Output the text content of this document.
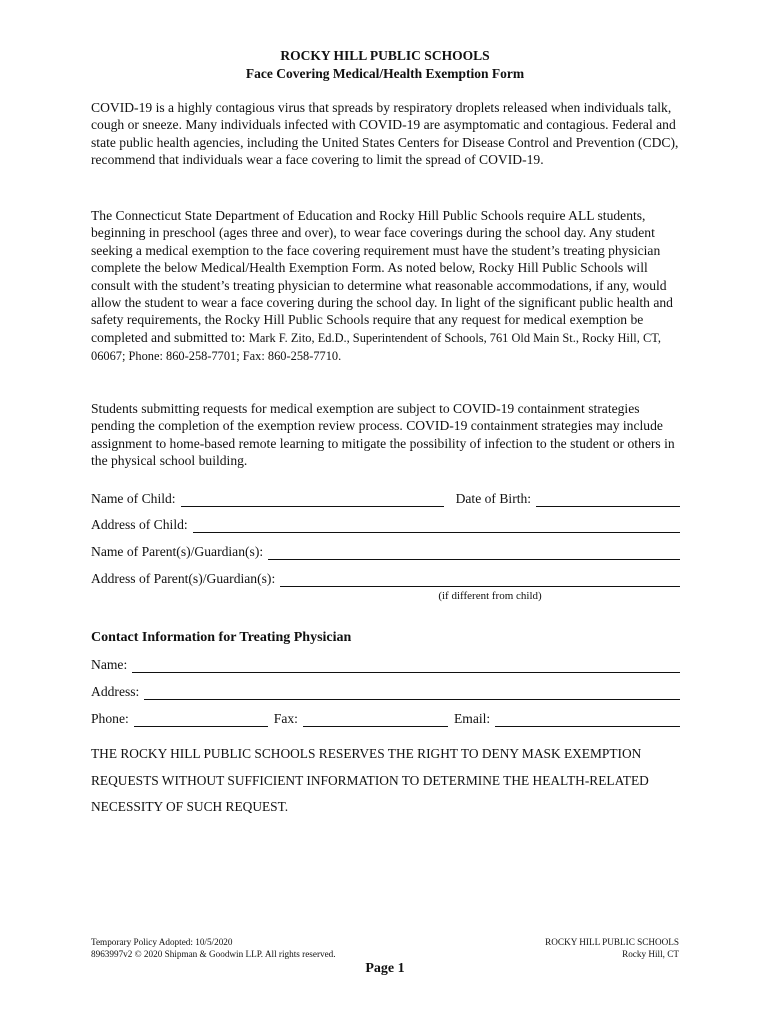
ROCKY HILL PUBLIC SCHOOLS
Face Covering Medical/Health Exemption Form

COVID-19 is a highly contagious virus that spreads by respiratory droplets released when individuals talk, cough or sneeze. Many individuals infected with COVID-19 are asymptomatic and contagious. Federal and state public health agencies, including the United States Centers for Disease Control and Prevention (CDC), recommend that individuals wear a face covering to limit the spread of COVID-19.

The Connecticut State Department of Education and Rocky Hill Public Schools require ALL students, beginning in preschool (ages three and over), to wear face coverings during the school day. Any student seeking a medical exemption to the face covering requirement must have the student’s treating physician complete the below Medical/Health Exemption Form. As noted below, Rocky Hill Public Schools will consult with the student’s treating physician to determine what reasonable accommodations, if any, would allow the student to wear a face covering during the school day. In light of the significant public health and safety requirements, the Rocky Hill Public Schools require that any request for medical exemption be completed and submitted to: Mark F. Zito, Ed.D., Superintendent of Schools, 761 Old Main St., Rocky Hill, CT, 06067; Phone: 860-258-7701; Fax: 860-258-7710.

Students submitting requests for medical exemption are subject to COVID-19 containment strategies pending the completion of the exemption review process. COVID-19 containment strategies may include assignment to home-based remote learning to mitigate the possibility of infection to the student or others in the physical school building.

Name of Child:	Date of Birth:
Address of Child:
Name of Parent(s)/Guardian(s):
Address of Parent(s)/Guardian(s):
(if different from child)
Contact Information for Treating Physician
Name:
Address:
Phone:	Fax:	Email:

THE ROCKY HILL PUBLIC SCHOOLS RESERVES THE RIGHT TO DENY MASK EXEMPTION REQUESTS WITHOUT SUFFICIENT INFORMATION TO DETERMINE THE HEALTH-RELATED NECESSITY OF SUCH REQUEST.

Temporary Policy Adopted: 10/5/2020
8963997v2 © 2020 Shipman & Goodwin LLP. All rights reserved.
ROCKY HILL PUBLIC SCHOOLS
Rocky Hill, CT
Page 1
